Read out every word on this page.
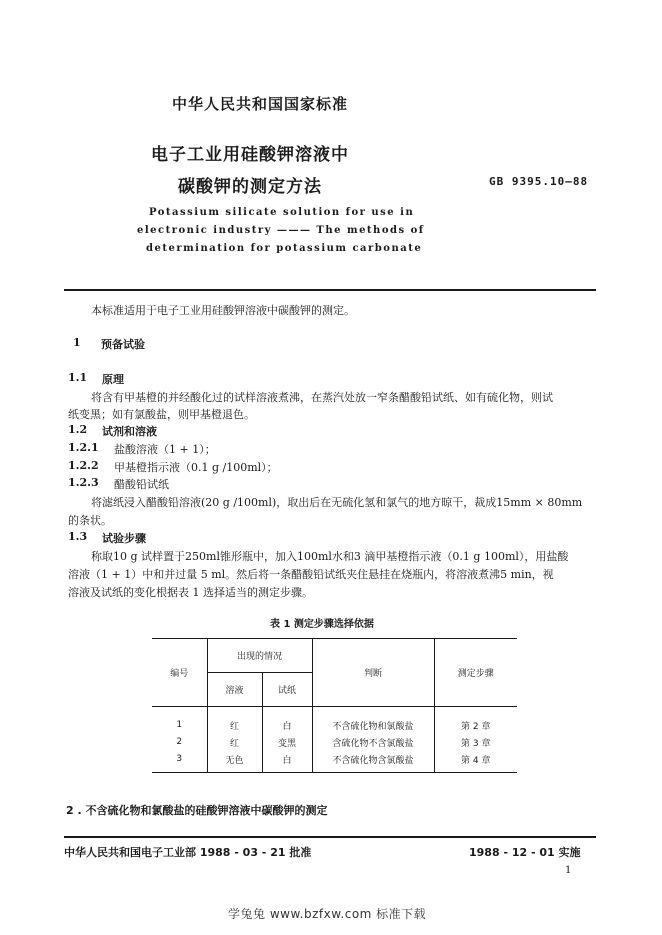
中华人民共和国国家标准
电子工业用硅酸钾溶液中
碳酸钾的测定方法	GB 9395.10—88
Potassium silicate solution for use in
electronic industry ——— The methods of
determination for potassium carbonate
本标准适用于电子工业用硅酸钾溶液中碳酸钾的测定。
1 预备试验
1.1 原理
将含有甲基橙的并经酸化过的试样溶液煮沸，在蒸汽处放一窄条醋酸铅试纸、如有硫化物，则试
纸变黑；如有氯酸盐，则甲基橙退色。
1.2 试剂和溶液
1.2.1 盐酸溶液（1 + 1）；
1.2.2 甲基橙指示液（0.1 g /100ml）；
1.2.3 醋酸铅试纸
将滤纸浸入醋酸铅溶液(20 g /100ml)，取出后在无硫化氢和氯气的地方晾干，裁成15mm × 80mm
的条状。
1.3 试验步骤
称取10 g 试样置于250ml锥形瓶中，加入100ml水和3 滴甲基橙指示液（0.1 g 100ml），用盐酸
溶液（1 + 1）中和并过量 5 ml。然后将一条醋酸铅试纸夹住悬挂在烧瓶内，将溶液煮沸5 min，视
溶液及试纸的变化根据表 1 选择适当的测定步骤。
表 1 测定步骤选择依据
编号	出现的情况		判断	测定步骤
	溶液	试纸		

1	红	白	不含硫化物和氯酸盐	第 2 章
2	红	变黑	含硫化物不含氯酸盐	第 3 章
3	无色	白	不含硫化物含氯酸盐	第 4 章

2 . 不含硫化物和氯酸盐的硅酸钾溶液中碳酸钾的测定
中华人民共和国电子工业部 1988 - 03 - 21 批准	1988 - 12 - 01 实施
1
学兔兔 www.bzfxw.com 标准下载
